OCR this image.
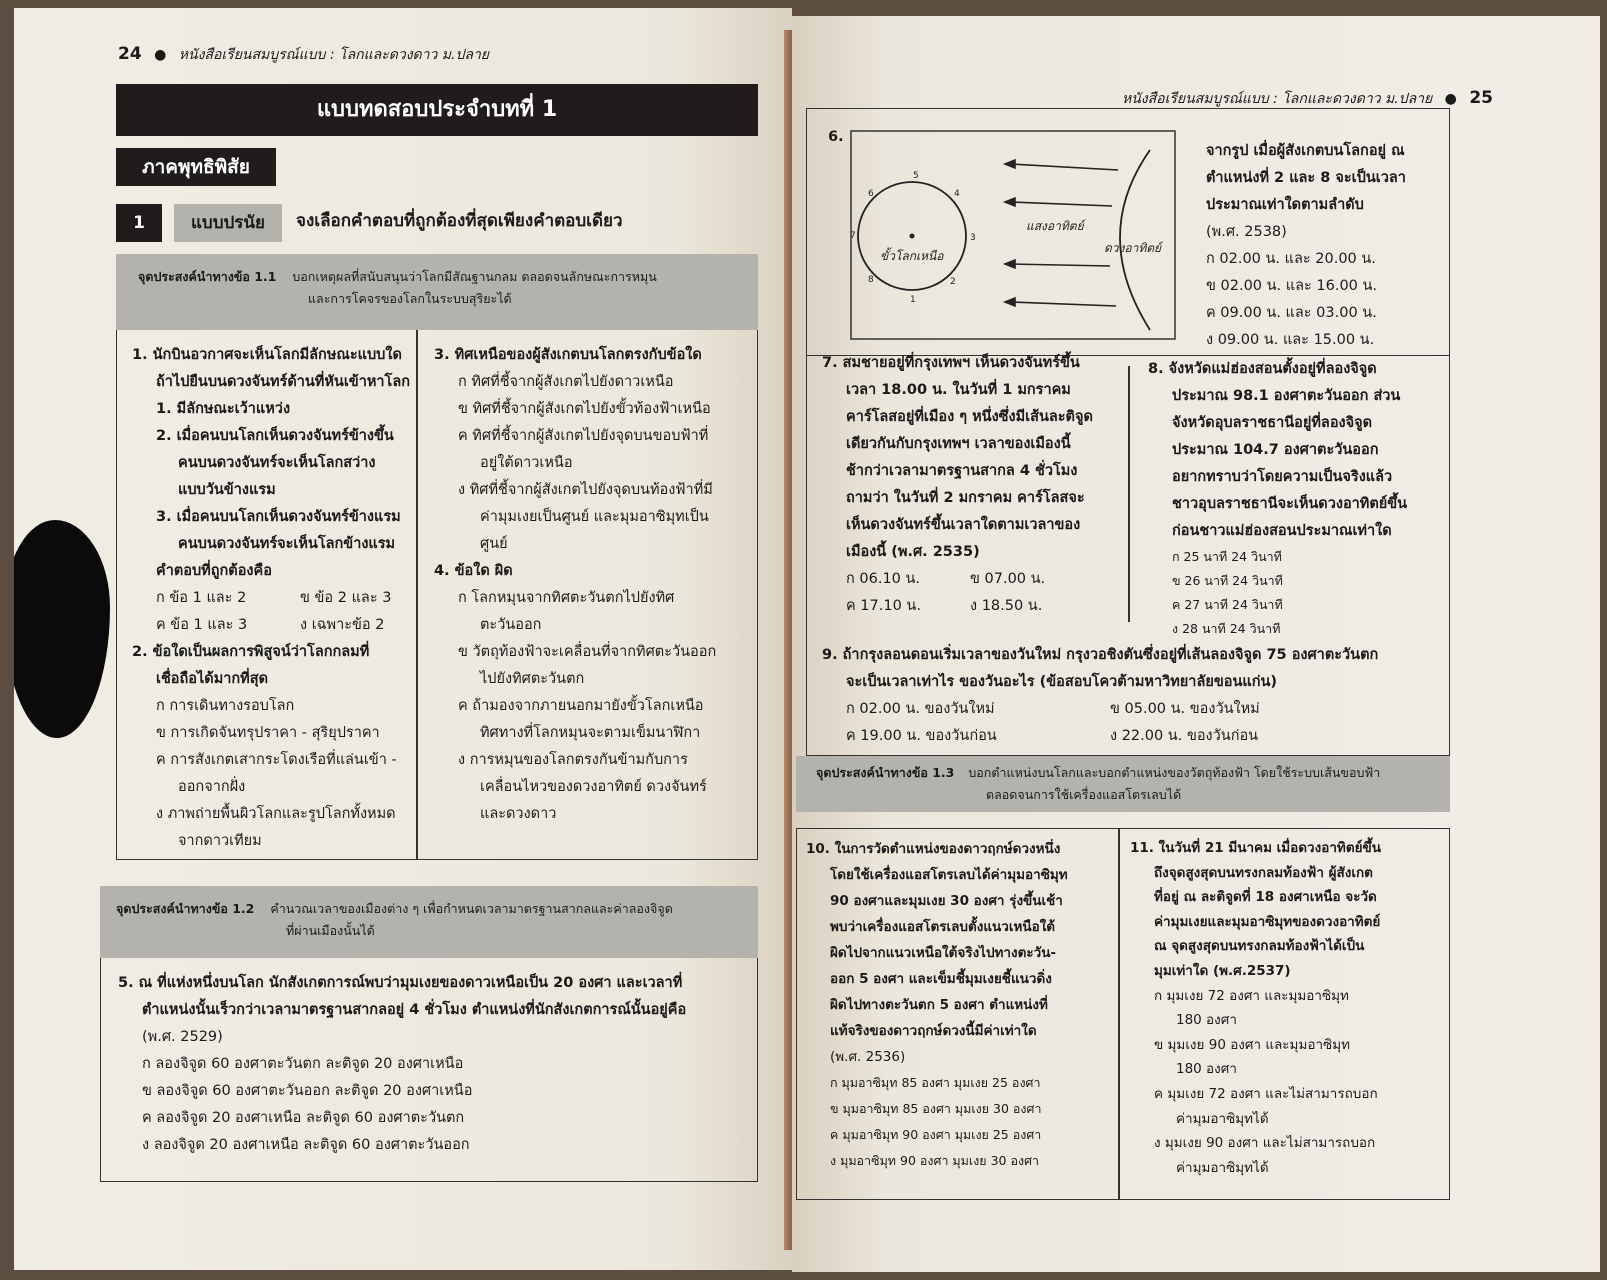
24 ● หนังสือเรียนสมบูรณ์แบบ : โลกและดวงดาว ม.ปลาย
แบบทดสอบประจำบทที่ 1
ภาคพุทธิพิสัย
1	แบบปรนัย	จงเลือกคำตอบที่ถูกต้องที่สุดเพียงคำตอบเดียว
จุดประสงค์นำทางข้อ 1.1 บอกเหตุผลที่สนับสนุนว่าโลกมีสัณฐานกลม ตลอดจนลักษณะการหมุน
และการโคจรของโลกในระบบสุริยะได้

1. นักบินอวกาศจะเห็นโลกมีลักษณะแบบใด

ถ้าไปยืนบนดวงจันทร์ด้านที่หันเข้าหาโลก

1. มีลักษณะเว้าแหว่ง

2. เมื่อคนบนโลกเห็นดวงจันทร์ข้างขึ้น

คนบนดวงจันทร์จะเห็นโลกสว่าง

แบบวันข้างแรม

3. เมื่อคนบนโลกเห็นดวงจันทร์ข้างแรม

คนบนดวงจันทร์จะเห็นโลกข้างแรม

คำตอบที่ถูกต้องคือ

ก ข้อ 1 และ 2	ข ข้อ 2 และ 3
ค ข้อ 1 และ 3	ง เฉพาะข้อ 2

2. ข้อใดเป็นผลการพิสูจน์ว่าโลกกลมที่

เชื่อถือได้มากที่สุด

ก การเดินทางรอบโลก

ข การเกิดจันทรุปราคา - สุริยุปราคา

ค การสังเกตเสากระโดงเรือที่แล่นเข้า -

ออกจากฝั่ง

ง ภาพถ่ายพื้นผิวโลกและรูปโลกทั้งหมด

จากดาวเทียม

3. ทิศเหนือของผู้สังเกตบนโลกตรงกับข้อใด

ก ทิศที่ชี้จากผู้สังเกตไปยังดาวเหนือ

ข ทิศที่ชี้จากผู้สังเกตไปยังขั้วท้องฟ้าเหนือ

ค ทิศที่ชี้จากผู้สังเกตไปยังจุดบนขอบฟ้าที่

อยู่ใต้ดาวเหนือ

ง ทิศที่ชี้จากผู้สังเกตไปยังจุดบนท้องฟ้าที่มี

ค่ามุมเงยเป็นศูนย์ และมุมอาซิมุทเป็น

ศูนย์

4. ข้อใด ผิด

ก โลกหมุนจากทิศตะวันตกไปยังทิศ

ตะวันออก

ข วัตถุท้องฟ้าจะเคลื่อนที่จากทิศตะวันออก

ไปยังทิศตะวันตก

ค ถ้ามองจากภายนอกมายังขั้วโลกเหนือ

ทิศทางที่โลกหมุนจะตามเข็มนาฬิกา

ง การหมุนของโลกตรงกันข้ามกับการ

เคลื่อนไหวของดวงอาทิตย์ ดวงจันทร์

และดวงดาว

จุดประสงค์นำทางข้อ 1.2 คำนวณเวลาของเมืองต่าง ๆ เพื่อกำหนดเวลามาตรฐานสากลและค่าลองจิจูด
ที่ผ่านเมืองนั้นได้

5. ณ ที่แห่งหนึ่งบนโลก นักสังเกตการณ์พบว่ามุมเงยของดาวเหนือเป็น 20 องศา และเวลาที่

ตำแหน่งนั้นเร็วกว่าเวลามาตรฐานสากลอยู่ 4 ชั่วโมง ตำแหน่งที่นักสังเกตการณ์นั้นอยู่คือ

(พ.ศ. 2529)

ก ลองจิจูด 60 องศาตะวันตก ละติจูด 20 องศาเหนือ

ข ลองจิจูด 60 องศาตะวันออก ละติจูด 20 องศาเหนือ

ค ลองจิจูด 20 องศาเหนือ ละติจูด 60 องศาตะวันตก

ง ลองจิจูด 20 องศาเหนือ ละติจูด 60 องศาตะวันออก

หนังสือเรียนสมบูรณ์แบบ : โลกและดวงดาว ม.ปลาย ● 25
6.
1
2
3
4
5
6
7
8
ขั้วโลกเหนือ
แสงอาทิตย์
ดวงอาทิตย์

จากรูป เมื่อผู้สังเกตบนโลกอยู่ ณ

ตำแหน่งที่ 2 และ 8 จะเป็นเวลา

ประมาณเท่าใดตามลำดับ

(พ.ศ. 2538)

ก 02.00 น. และ 20.00 น.

ข 02.00 น. และ 16.00 น.

ค 09.00 น. และ 03.00 น.

ง 09.00 น. และ 15.00 น.

7. สมชายอยู่ที่กรุงเทพฯ เห็นดวงจันทร์ขึ้น

เวลา 18.00 น. ในวันที่ 1 มกราคม

คาร์โลสอยู่ที่เมือง ๆ หนึ่งซึ่งมีเส้นละติจูด

เดียวกันกับกรุงเทพฯ เวลาของเมืองนี้

ช้ากว่าเวลามาตรฐานสากล 4 ชั่วโมง

ถามว่า ในวันที่ 2 มกราคม คาร์โลสจะ

เห็นดวงจันทร์ขึ้นเวลาใดตามเวลาของ

เมืองนี้ (พ.ศ. 2535)

ก 06.10 น.	ข 07.00 น.
ค 17.10 น.	ง 18.50 น.

8. จังหวัดแม่ฮ่องสอนตั้งอยู่ที่ลองจิจูด

ประมาณ 98.1 องศาตะวันออก ส่วน

จังหวัดอุบลราชธานีอยู่ที่ลองจิจูด

ประมาณ 104.7 องศาตะวันออก

อยากทราบว่าโดยความเป็นจริงแล้ว

ชาวอุบลราชธานีจะเห็นดวงอาทิตย์ขึ้น

ก่อนชาวแม่ฮ่องสอนประมาณเท่าใด

ก 25 นาที 24 วินาที

ข 26 นาที 24 วินาที

ค 27 นาที 24 วินาที

ง 28 นาที 24 วินาที

9. ถ้ากรุงลอนดอนเริ่มเวลาของวันใหม่ กรุงวอชิงตันซึ่งอยู่ที่เส้นลองจิจูด 75 องศาตะวันตก

จะเป็นเวลาเท่าไร ของวันอะไร (ข้อสอบโควต้ามหาวิทยาลัยขอนแก่น)

ก 02.00 น. ของวันใหม่	ข 05.00 น. ของวันใหม่
ค 19.00 น. ของวันก่อน	ง 22.00 น. ของวันก่อน
จุดประสงค์นำทางข้อ 1.3 บอกตำแหน่งบนโลกและบอกตำแหน่งของวัตถุท้องฟ้า โดยใช้ระบบเส้นขอบฟ้า
ตลอดจนการใช้เครื่องแอสโตรเลบได้

10. ในการวัดตำแหน่งของดาวฤกษ์ดวงหนึ่ง

โดยใช้เครื่องแอสโตรเลบได้ค่ามุมอาซิมุท

90 องศาและมุมเงย 30 องศา รุ่งขึ้นเช้า

พบว่าเครื่องแอสโตรเลบตั้งแนวเหนือใต้

ผิดไปจากแนวเหนือใต้จริงไปทางตะวัน-

ออก 5 องศา และเข็มชี้มุมเงยชี้แนวดิ่ง

ผิดไปทางตะวันตก 5 องศา ตำแหน่งที่

แท้จริงของดาวฤกษ์ดวงนี้มีค่าเท่าใด

(พ.ศ. 2536)

ก มุมอาซิมุท 85 องศา มุมเงย 25 องศา

ข มุมอาซิมุท 85 องศา มุมเงย 30 องศา

ค มุมอาซิมุท 90 องศา มุมเงย 25 องศา

ง มุมอาซิมุท 90 องศา มุมเงย 30 องศา

11. ในวันที่ 21 มีนาคม เมื่อดวงอาทิตย์ขึ้น

ถึงจุดสูงสุดบนทรงกลมท้องฟ้า ผู้สังเกต

ที่อยู่ ณ ละติจูดที่ 18 องศาเหนือ จะวัด

ค่ามุมเงยและมุมอาซิมุทของดวงอาทิตย์

ณ จุดสูงสุดบนทรงกลมท้องฟ้าได้เป็น

มุมเท่าใด (พ.ศ.2537)

ก มุมเงย 72 องศา และมุมอาซิมุท

180 องศา

ข มุมเงย 90 องศา และมุมอาซิมุท

180 องศา

ค มุมเงย 72 องศา และไม่สามารถบอก

ค่ามุมอาซิมุทได้

ง มุมเงย 90 องศา และไม่สามารถบอก

ค่ามุมอาซิมุทได้
